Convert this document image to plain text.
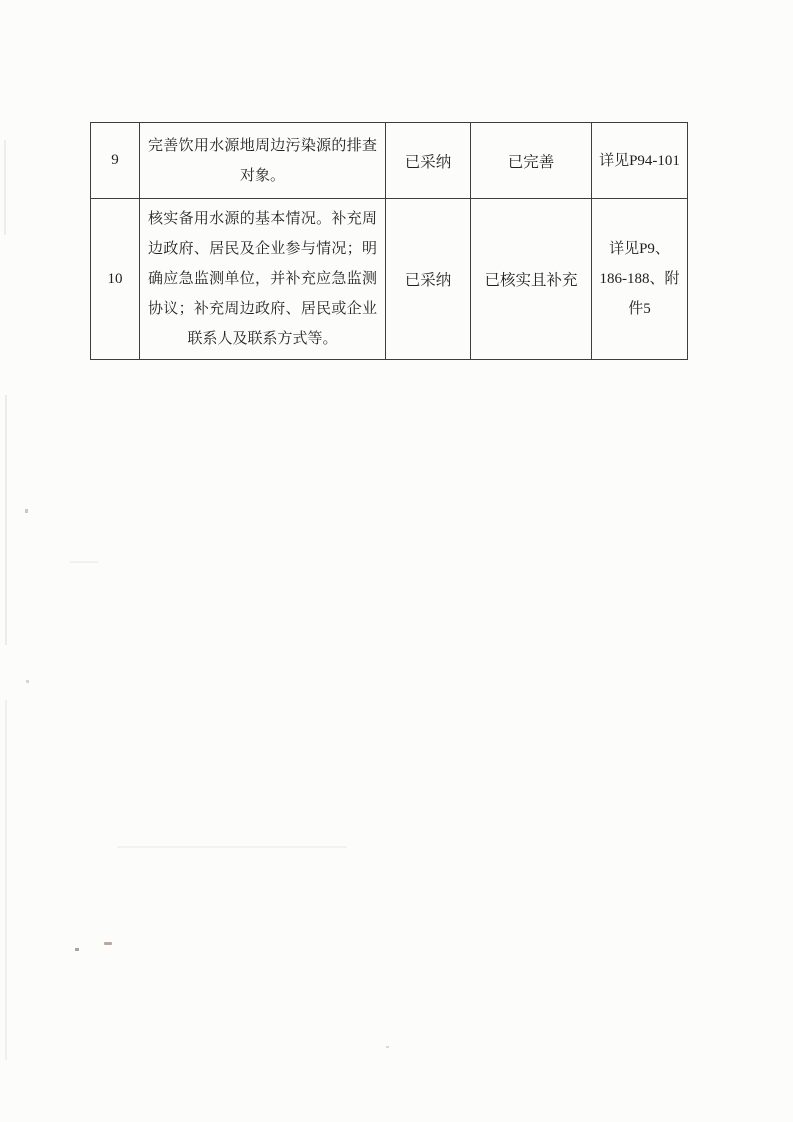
9	完善饮用水源地周边污染源的排查对象。	已采纳	已完善	详见P94-101
10	核实备用水源的基本情况。补充周边政府、居民及企业参与情况；明确应急监测单位，并补充应急监测协议；补充周边政府、居民或企业联系人及联系方式等。	已采纳	已核实且补充	详见P9、186-188、附件5
